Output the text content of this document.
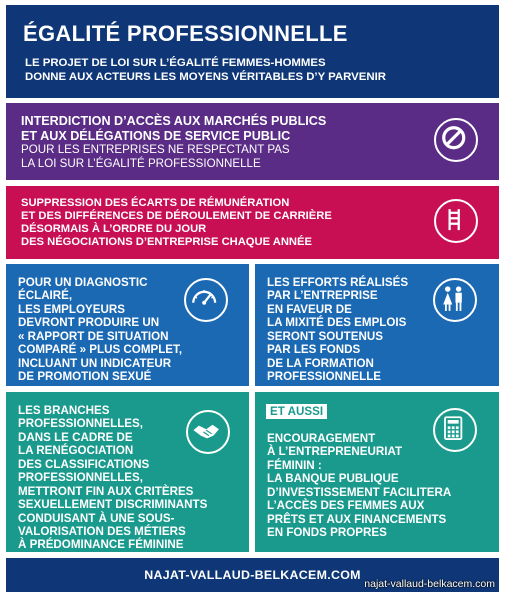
ÉGALITÉ PROFESSIONNELLE
LE PROJET DE LOI SUR L’ÉGALITÉ FEMMES-HOMMES
DONNE AUX ACTEURS LES MOYENS VÉRITABLES D’Y PARVENIR
INTERDICTION D’ACCÈS AUX MARCHÉS PUBLICS
ET AUX DÉLÉGATIONS DE SERVICE PUBLIC
POUR LES ENTREPRISES NE RESPECTANT PAS
LA LOI SUR L’ÉGALITÉ PROFESSIONNELLE
SUPPRESSION DES ÉCARTS DE RÉMUNÉRATION
ET DES DIFFÉRENCES DE DÉROULEMENT DE CARRIÈRE
DÉSORMAIS À L’ORDRE DU JOUR
DES NÉGOCIATIONS D’ENTREPRISE CHAQUE ANNÉE
POUR UN DIAGNOSTIC
ÉCLAIRÉ,
LES EMPLOYEURS
DEVRONT PRODUIRE UN
« RAPPORT DE SITUATION
COMPARÉ » PLUS COMPLET,
INCLUANT UN INDICATEUR
DE PROMOTION SEXUÉ
LES EFFORTS RÉALISÉS
PAR L’ENTREPRISE
EN FAVEUR DE
LA MIXITÉ DES EMPLOIS
SERONT SOUTENUS
PAR LES FONDS
DE LA FORMATION
PROFESSIONNELLE
LES BRANCHES
PROFESSIONNELLES,
DANS LE CADRE DE
LA RENÉGOCIATION
DES CLASSIFICATIONS
PROFESSIONNELLES,
METTRONT FIN AUX CRITÈRES
SEXUELLEMENT DISCRIMINANTS
CONDUISANT À UNE SOUS-
VALORISATION DES MÉTIERS
À PRÉDOMINANCE FÉMININE
ET AUSSI
ENCOURAGEMENT
À L’ENTREPRENEURIAT
FÉMININ :
LA BANQUE PUBLIQUE
D’INVESTISSEMENT FACILITERA
L’ACCÈS DES FEMMES AUX
PRÊTS ET AUX FINANCEMENTS
EN FONDS PROPRES
NAJAT-VALLAUD-BELKACEM.COM
najat-vallaud-belkacem.com
